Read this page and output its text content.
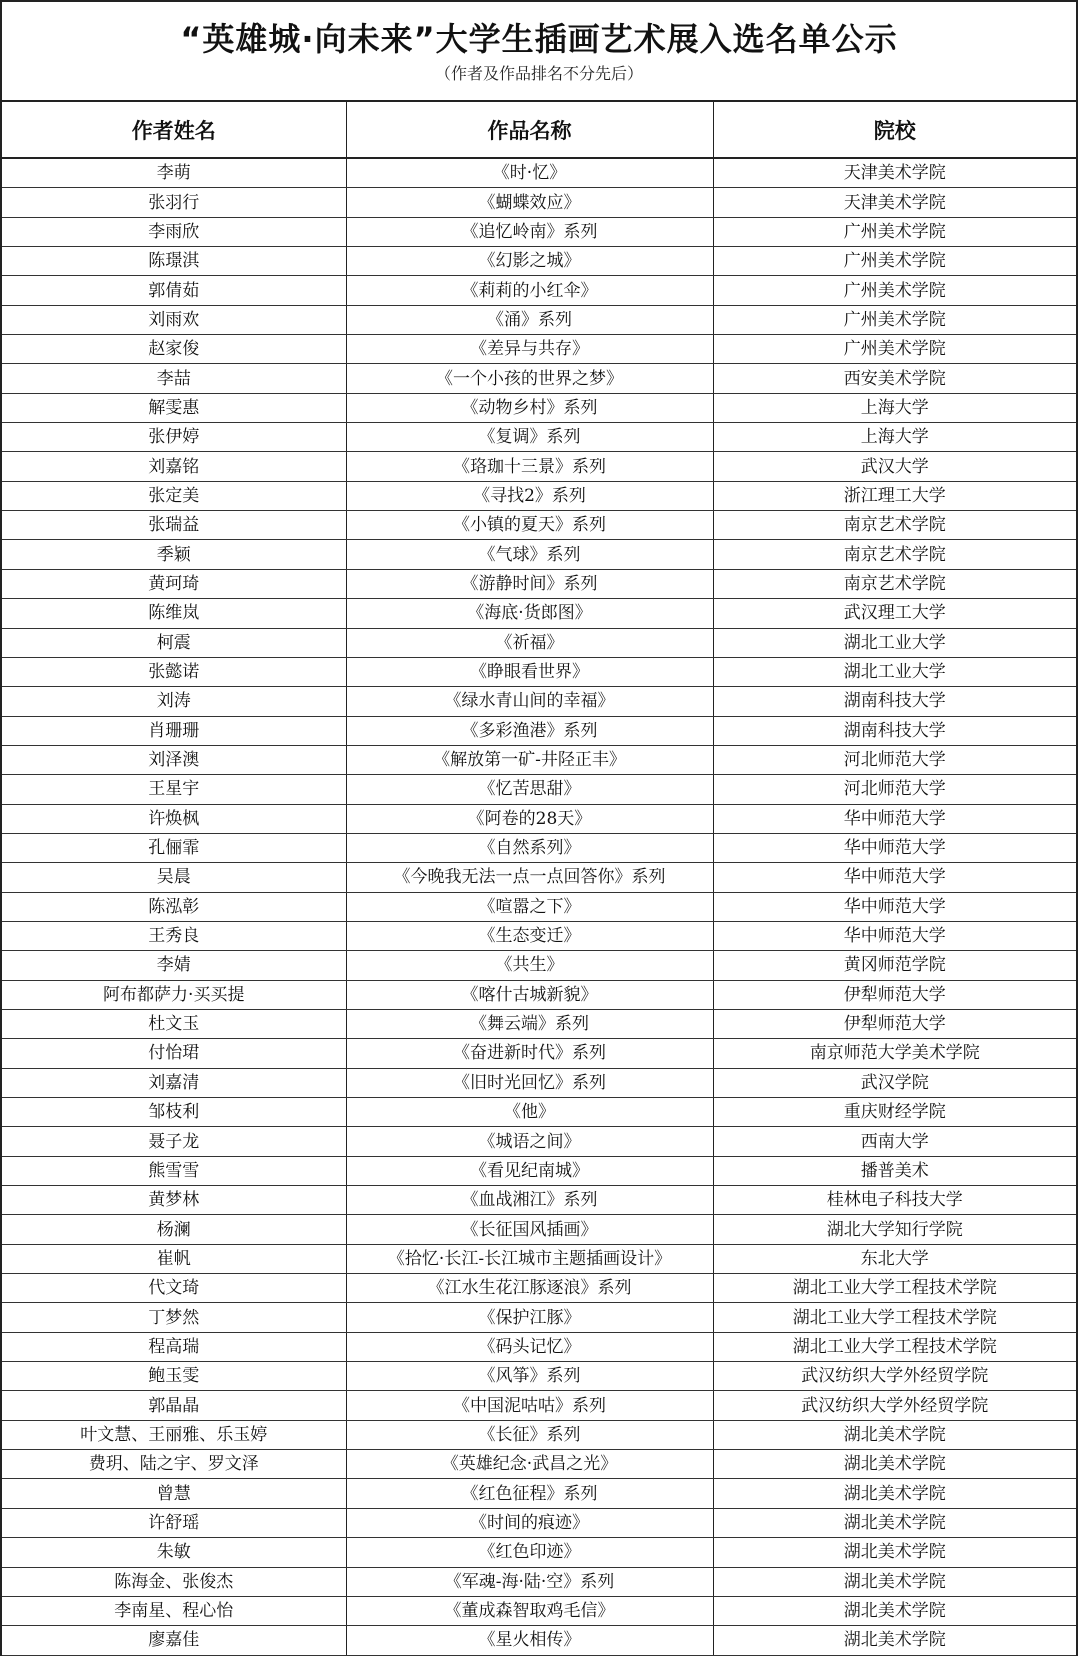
“英雄城·向未来”大学生插画艺术展入选名单公示
（作者及作品排名不分先后）
作者姓名	作品名称	院校
李萌	《时·忆》	天津美术学院
张羽行	《蝴蝶效应》	天津美术学院
李雨欣	《追忆岭南》系列	广州美术学院
陈璟淇	《幻影之城》	广州美术学院
郭倩茹	《莉莉的小红伞》	广州美术学院
刘雨欢	《涌》系列	广州美术学院
赵家俊	《差异与共存》	广州美术学院
李喆	《一个小孩的世界之梦》	西安美术学院
解雯惠	《动物乡村》系列	上海大学
张伊婷	《复调》系列	上海大学
刘嘉铭	《珞珈十三景》系列	武汉大学
张定美	《寻找2》系列	浙江理工大学
张瑞益	《小镇的夏天》系列	南京艺术学院
季颖	《气球》系列	南京艺术学院
黄珂琦	《游静时间》系列	南京艺术学院
陈维岚	《海底·货郎图》	武汉理工大学
柯震	《祈福》	湖北工业大学
张懿诺	《睁眼看世界》	湖北工业大学
刘涛	《绿水青山间的幸福》	湖南科技大学
肖珊珊	《多彩渔港》系列	湖南科技大学
刘泽澳	《解放第一矿-井陉正丰》	河北师范大学
王星宇	《忆苦思甜》	河北师范大学
许焕枫	《阿卷的28天》	华中师范大学
孔俪霏	《自然系列》	华中师范大学
吴晨	《今晚我无法一点一点回答你》系列	华中师范大学
陈泓彰	《喧嚣之下》	华中师范大学
王秀良	《生态变迁》	华中师范大学
李婧	《共生》	黄冈师范学院
阿布都萨力·买买提	《喀什古城新貌》	伊犁师范大学
杜文玉	《舞云端》系列	伊犁师范大学
付怡珺	《奋进新时代》系列	南京师范大学美术学院
刘嘉清	《旧时光回忆》系列	武汉学院
邹枝利	《他》	重庆财经学院
聂子龙	《城语之间》	西南大学
熊雪雪	《看见纪南城》	播普美术
黄梦林	《血战湘江》系列	桂林电子科技大学
杨澜	《长征国风插画》	湖北大学知行学院
崔帆	《拾忆·长江-长江城市主题插画设计》	东北大学
代文琦	《江水生花江豚逐浪》系列	湖北工业大学工程技术学院
丁梦然	《保护江豚》	湖北工业大学工程技术学院
程高瑞	《码头记忆》	湖北工业大学工程技术学院
鲍玉雯	《风筝》系列	武汉纺织大学外经贸学院
郭晶晶	《中国泥咕咕》系列	武汉纺织大学外经贸学院
叶文慧、王丽雅、乐玉婷	《长征》系列	湖北美术学院
费玥、陆之宇、罗文泽	《英雄纪念·武昌之光》	湖北美术学院
曾慧	《红色征程》系列	湖北美术学院
许舒瑶	《时间的痕迹》	湖北美术学院
朱敏	《红色印迹》	湖北美术学院
陈海金、张俊杰	《军魂-海·陆·空》系列	湖北美术学院
李南星、程心怡	《董成森智取鸡毛信》	湖北美术学院
廖嘉佳	《星火相传》	湖北美术学院
